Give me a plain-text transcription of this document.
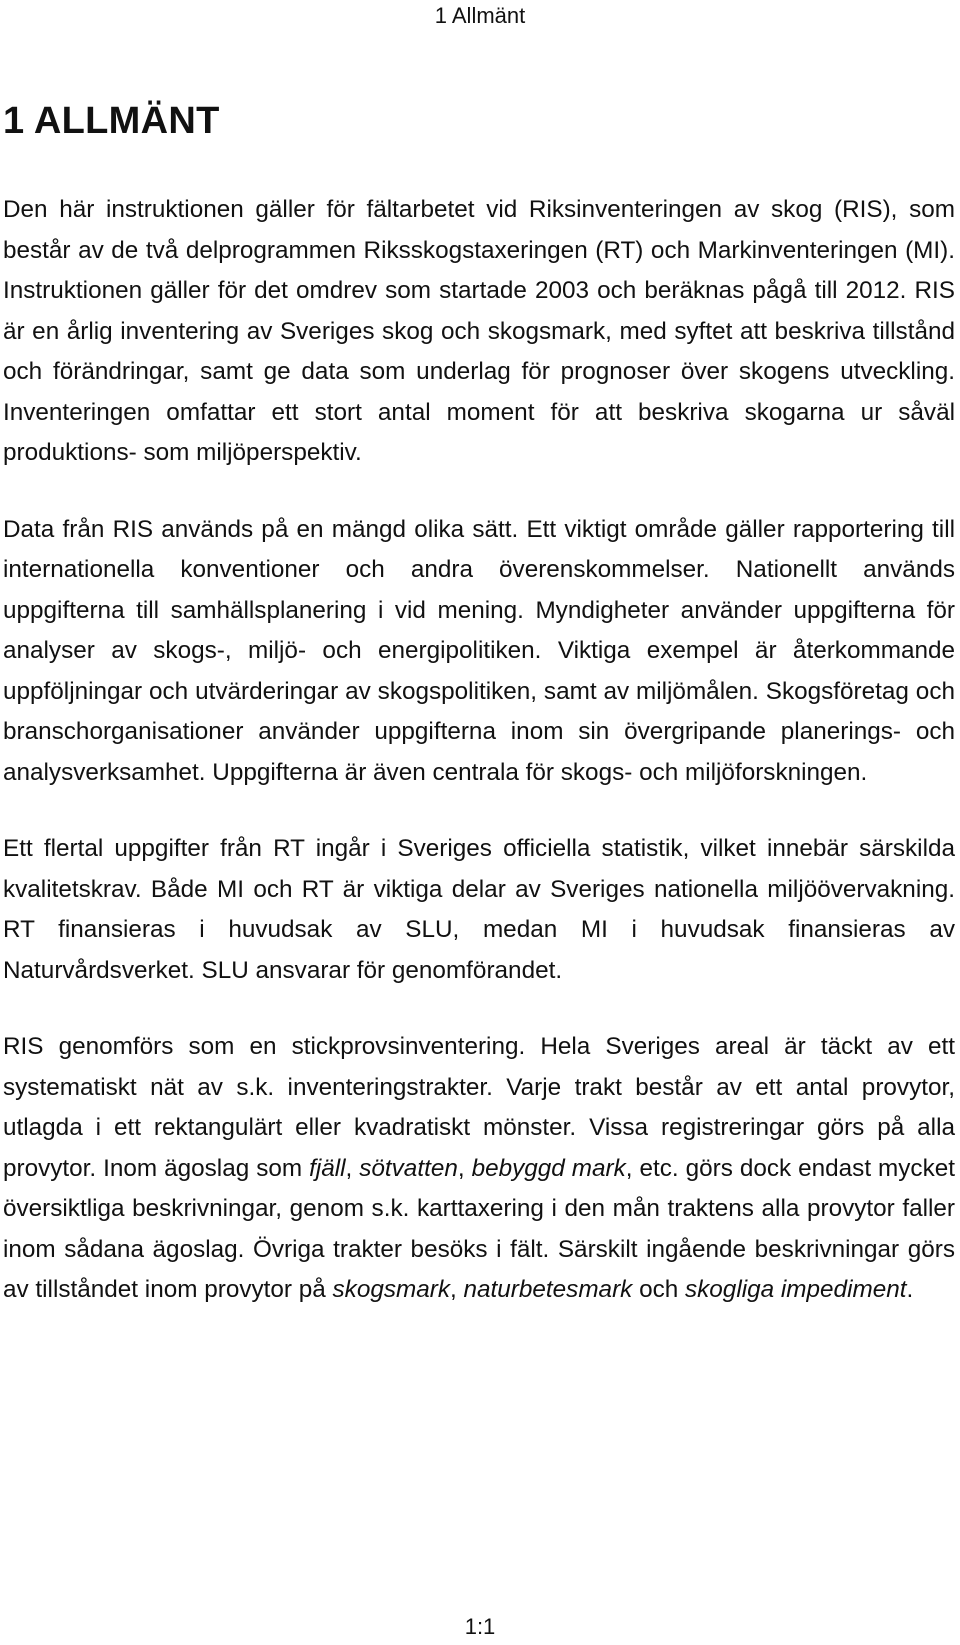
1 Allmänt
1 ALLMÄNT

Den här instruktionen gäller för fältarbetet vid Riksinventeringen av skog (RIS), som består av de två delprogrammen Riksskogstaxeringen (RT) och Markinventeringen (MI). Instruktionen gäller för det omdrev som startade 2003 och beräknas pågå till 2012. RIS är en årlig inventering av Sveriges skog och skogsmark, med syftet att beskriva tillstånd och förändringar, samt ge data som underlag för prognoser över skogens utveckling. Inventeringen omfattar ett stort antal moment för att beskriva skogarna ur såväl produktions- som miljöperspektiv.

Data från RIS används på en mängd olika sätt. Ett viktigt område gäller rapportering till internationella konventioner och andra överenskommelser. Nationellt används uppgifterna till samhällsplanering i vid mening. Myndigheter använder uppgifterna för analyser av skogs-, miljö- och energipolitiken. Viktiga exempel är återkommande uppföljningar och utvärderingar av skogspolitiken, samt av miljömålen. Skogsföretag och branschorganisationer använder uppgifterna inom sin övergripande planerings- och analysverksamhet. Uppgifterna är även centrala för skogs- och miljöforskningen.

Ett flertal uppgifter från RT ingår i Sveriges officiella statistik, vilket innebär särskilda kvalitetskrav. Både MI och RT är viktiga delar av Sveriges nationella miljöövervakning. RT finansieras i huvudsak av SLU, medan MI i huvudsak finansieras av Naturvårdsverket. SLU ansvarar för genomförandet.

RIS genomförs som en stickprovsinventering. Hela Sveriges areal är täckt av ett systematiskt nät av s.k. inventeringstrakter. Varje trakt består av ett antal provytor, utlagda i ett rektangulärt eller kvadratiskt mönster. Vissa registreringar görs på alla provytor. Inom ägoslag som fjäll, sötvatten, bebyggd mark, etc. görs dock endast mycket översiktliga beskrivningar, genom s.k. karttaxering i den mån traktens alla provytor faller inom sådana ägoslag. Övriga trakter besöks i fält. Särskilt ingående beskrivningar görs av tillståndet inom provytor på skogsmark, naturbetesmark och skogliga impediment.

1:1
